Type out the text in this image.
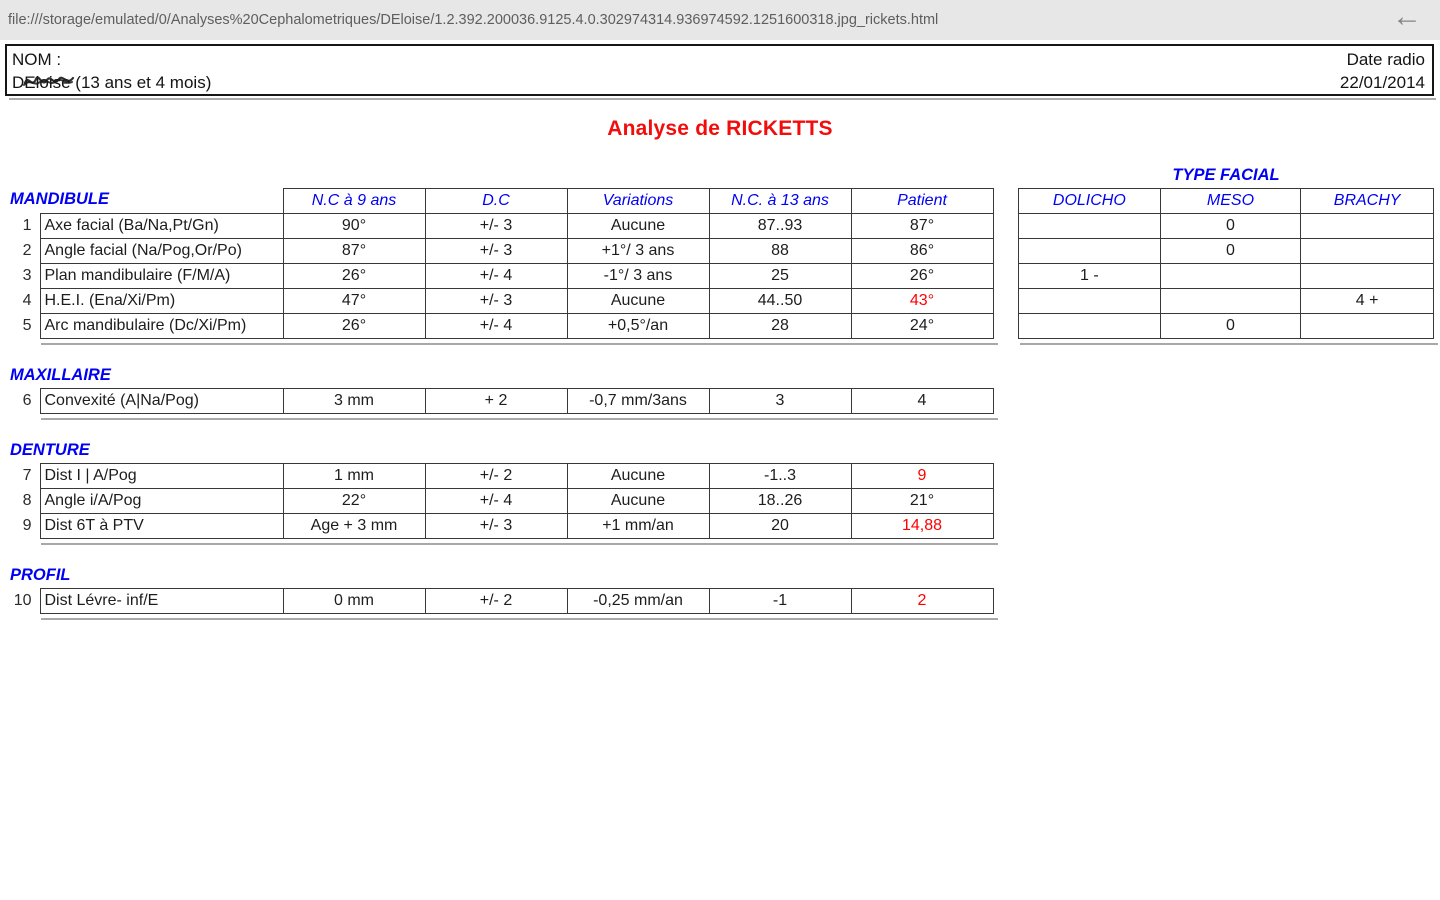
file:///storage/emulated/0/Analyses%20Cephalometriques/DEloise/1.2.392.200036.9125.4.0.302974314.936974592.1251600318.jpg_rickets.html	←
NOM :
DEloise (13 ans et 4 mois)
Date radio
22/01/2014
Analyse de RICKETTS
MANDIBULE
			N.C à 9 ans	D.C	Variations	N.C. à 13 ans	Patient
1	Axe facial (Ba/Na,Pt/Gn)	90°	+/- 3	Aucune	87..93	87°
2	Angle facial (Na/Pog,Or/Po)	87°	+/- 3	+1°/ 3 ans	88	86°
3	Plan mandibulaire (F/M/A)	26°	+/- 4	-1°/ 3 ans	25	26°
4	H.E.I. (Ena/Xi/Pm)	47°	+/- 3	Aucune	44..50	43°
5	Arc mandibulaire (Dc/Xi/Pm)	26°	+/- 4	+0,5°/an	28	24°
MAXILLAIRE
6	Convexité (A|Na/Pog)	3 mm	+ 2	-0,7 mm/3ans	3	4
DENTURE
7	Dist I | A/Pog	1 mm	+/- 2	Aucune	-1..3	9
8	Angle i/A/Pog	22°	+/- 4	Aucune	18..26	21°
9	Dist 6T à PTV	Age + 3 mm	+/- 3	+1 mm/an	20	14,88
PROFIL
10	Dist Lévre- inf/E	0 mm	+/- 2	-0,25 mm/an	-1	2
TYPE FACIAL
DOLICHO	MESO	BRACHY
	0	
	0	
1 -		
		4 +
	0	
